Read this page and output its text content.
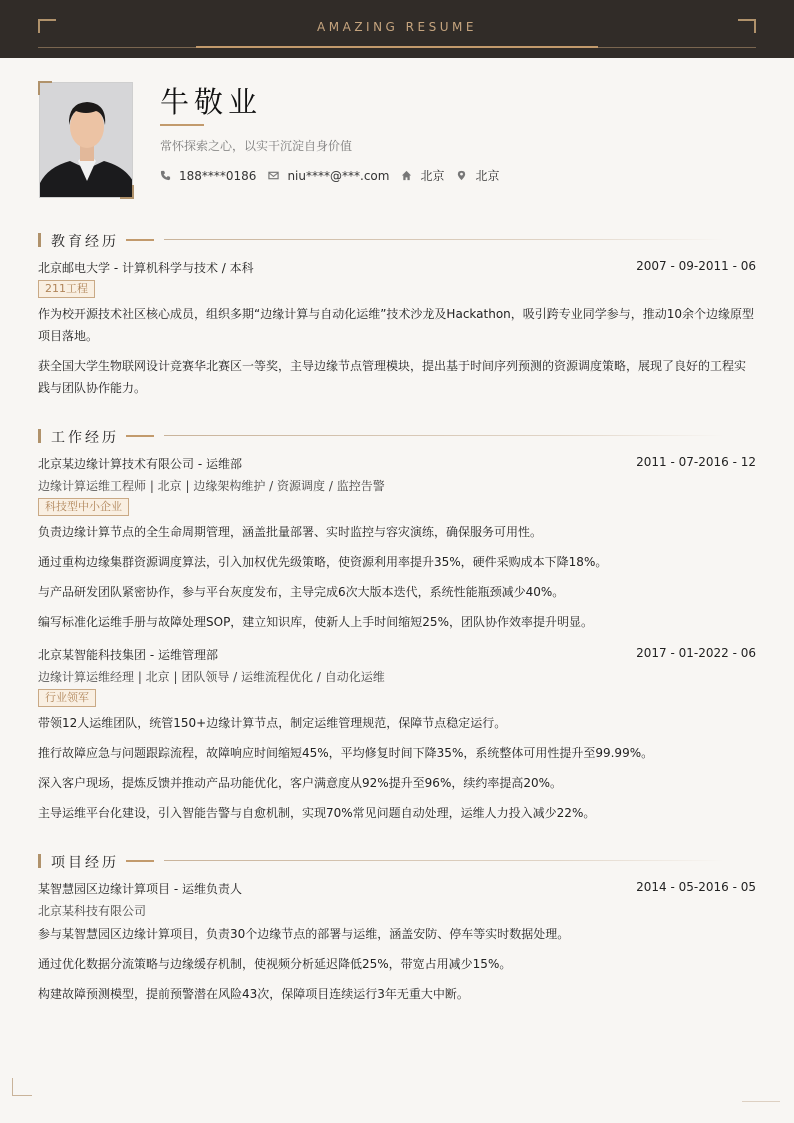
AMAZING RESUME
牛敬业
常怀探索之心，以实干沉淀自身价值
188****0186	niu****@***.com	北京	北京
教育经历
北京邮电大学 - 计算机科学与技术 / 本科	2007 - 09-2011 - 06
211工程
作为校开源技术社区核心成员，组织多期“边缘计算与自动化运维”技术沙龙及Hackathon，吸引跨专业同学参与，推动10余个边缘原型项目落地。
获全国大学生物联网设计竞赛华北赛区一等奖，主导边缘节点管理模块，提出基于时间序列预测的资源调度策略，展现了良好的工程实践与团队协作能力。
工作经历
北京某边缘计算技术有限公司 - 运维部	2011 - 07-2016 - 12
边缘计算运维工程师 | 北京 | 边缘架构维护 / 资源调度 / 监控告警
科技型中小企业
负责边缘计算节点的全生命周期管理，涵盖批量部署、实时监控与容灾演练，确保服务可用性。
通过重构边缘集群资源调度算法，引入加权优先级策略，使资源利用率提升35%，硬件采购成本下降18%。
与产品研发团队紧密协作，参与平台灰度发布，主导完成6次大版本迭代，系统性能瓶颈减少40%。
编写标准化运维手册与故障处理SOP，建立知识库，使新人上手时间缩短25%，团队协作效率提升明显。
北京某智能科技集团 - 运维管理部	2017 - 01-2022 - 06
边缘计算运维经理 | 北京 | 团队领导 / 运维流程优化 / 自动化运维
行业领军
带领12人运维团队，统管150+边缘计算节点，制定运维管理规范，保障节点稳定运行。
推行故障应急与问题跟踪流程，故障响应时间缩短45%，平均修复时间下降35%，系统整体可用性提升至99.99%。
深入客户现场，提炼反馈并推动产品功能优化，客户满意度从92%提升至96%，续约率提高20%。
主导运维平台化建设，引入智能告警与自愈机制，实现70%常见问题自动处理，运维人力投入减少22%。
项目经历
某智慧园区边缘计算项目 - 运维负责人	2014 - 05-2016 - 05
北京某科技有限公司
参与某智慧园区边缘计算项目，负责30个边缘节点的部署与运维，涵盖安防、停车等实时数据处理。
通过优化数据分流策略与边缘缓存机制，使视频分析延迟降低25%，带宽占用减少15%。
构建故障预测模型，提前预警潜在风险43次，保障项目连续运行3年无重大中断。
